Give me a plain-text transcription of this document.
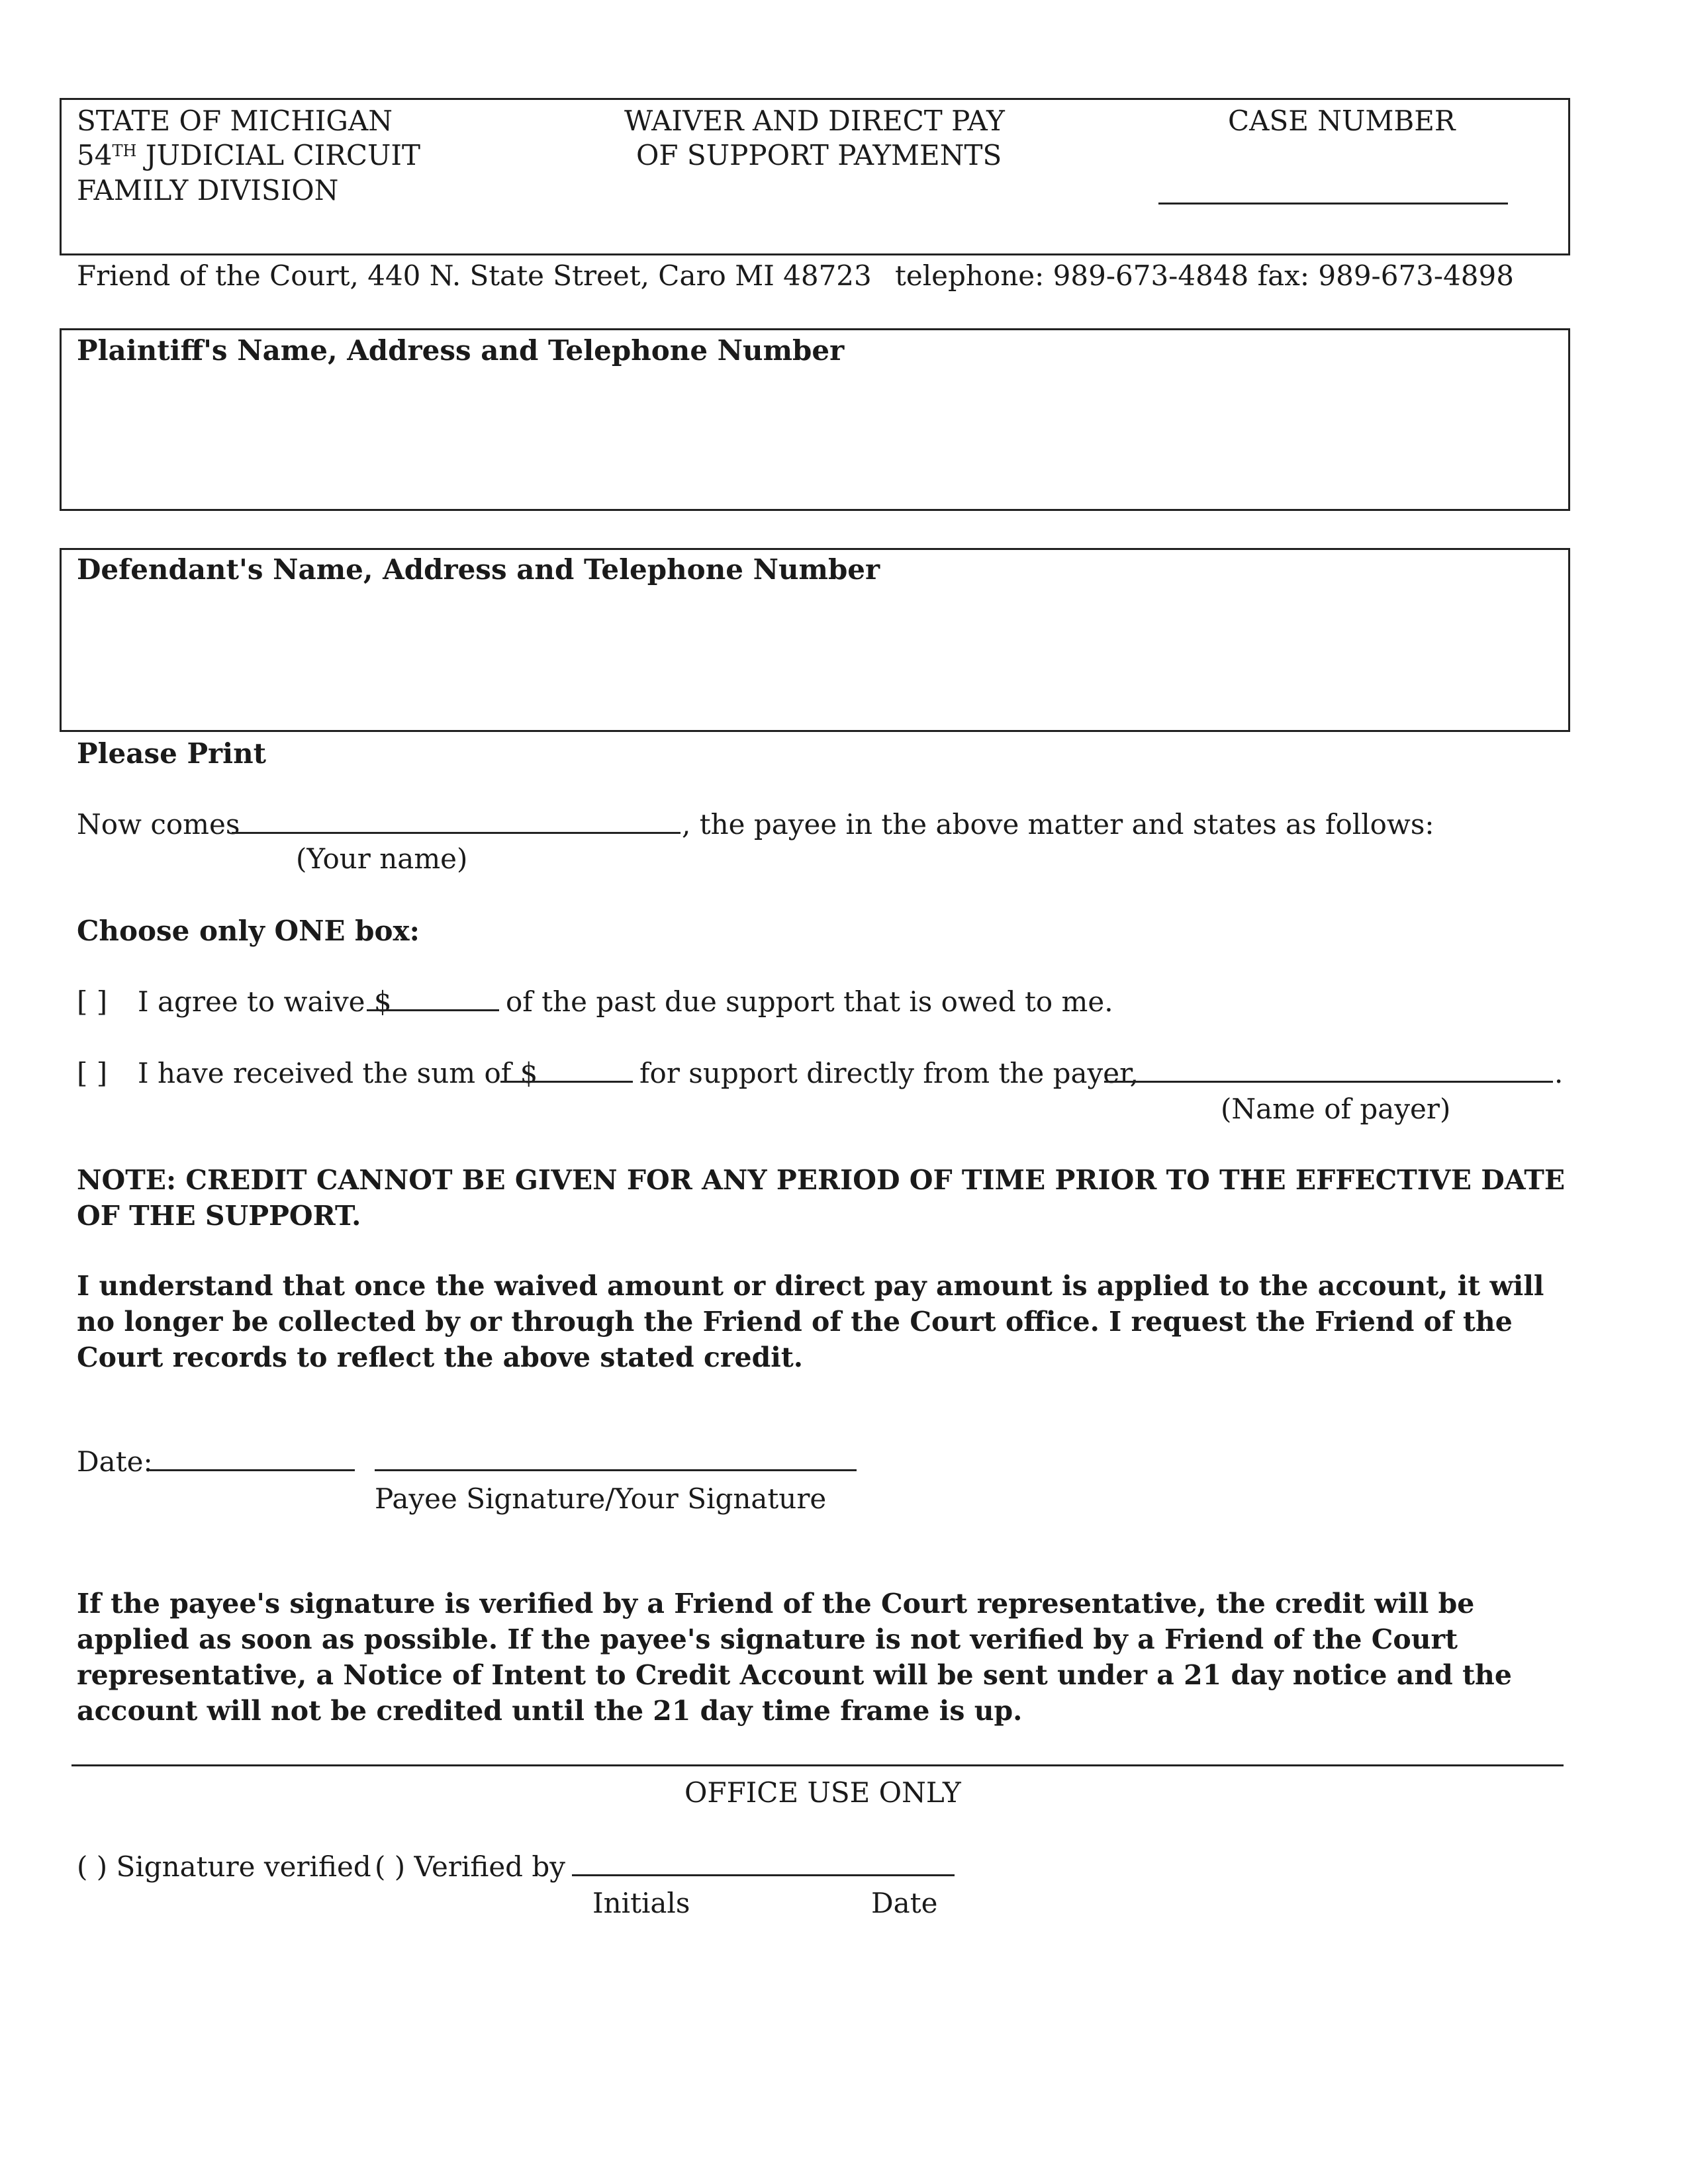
STATE OF MICHIGAN
54TH JUDICIAL CIRCUIT
FAMILY DIVISION
WAIVER AND DIRECT PAY
OF SUPPORT PAYMENTS
CASE NUMBER
Friend of the Court, 440 N. State Street, Caro MI 48723 telephone: 989-673-4848 fax: 989-673-4898
Plaintiff's Name, Address and Telephone Number
Defendant's Name, Address and Telephone Number
Please Print
Now comes	, the payee in the above matter and states as follows:
(Your name)
Choose only ONE box:
[ ] I agree to waive $	of the past due support that is owed to me.
[ ] I have received the sum of $	for support directly from the payer,	.
(Name of payer)
NOTE: CREDIT CANNOT BE GIVEN FOR ANY PERIOD OF TIME PRIOR TO THE EFFECTIVE DATE OF THE SUPPORT.
I understand that once the waived amount or direct pay amount is applied to the account, it will no longer be collected by or through the Friend of the Court office. I request the Friend of the Court records to reflect the above stated credit.
Date:
Payee Signature/Your Signature
If the payee's signature is verified by a Friend of the Court representative, the credit will be applied as soon as possible. If the payee's signature is not verified by a Friend of the Court representative, a Notice of Intent to Credit Account will be sent under a 21 day notice and the account will not be credited until the 21 day time frame is up.
OFFICE USE ONLY
( ) Signature verified ( ) Verified by
Initials	Date
